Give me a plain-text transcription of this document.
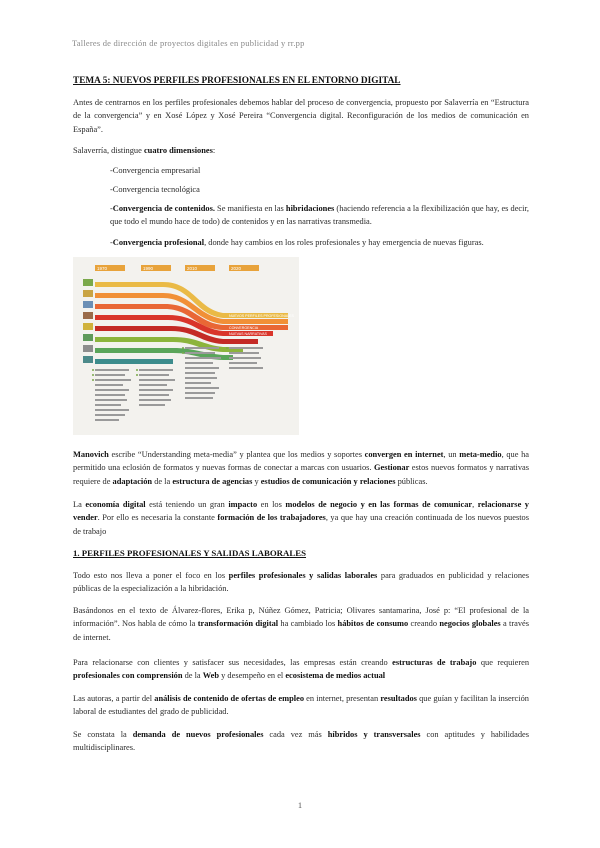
Talleres de dirección de proyectos digitales en publicidad y rr.pp
TEMA 5: NUEVOS PERFILES PROFESIONALES EN EL ENTORNO DIGITAL

Antes de centrarnos en los perfiles profesionales debemos hablar del proceso de convergencia, propuesto por Salaverría en “Estructura de la convergencia” y en Xosé López y Xosé Pereira “Convergencia digital. Reconfiguración de los medios de comunicación en España”.

Salaverría, distingue cuatro dimensiones:

-Convergencia empresarial

-Convergencia tecnológica

-Convergencia de contenidos. Se manifiesta en las hibridaciones (haciendo referencia a la flexibilización que hay, es decir, que todo el mundo hace de todo) de contenidos y en las narrativas transmedia.

-Convergencia profesional, donde hay cambios en los roles profesionales y hay emergencia de nuevas figuras.

1970	1990	2010	2020
NUEVOS PERFILES PROFESIONALES
CONVERGENCIA
NUEVAS NARRATIVAS

Manovich escribe “Understanding meta-media” y plantea que los medios y soportes convergen en internet, un meta-medio, que ha permitido una eclosión de formatos y nuevas formas de conectar a marcas con usuarios. Gestionar estos nuevos formatos y narrativas requiere de adaptación de la estructura de agencias y estudios de comunicación y relaciones públicas.

La economía digital está teniendo un gran impacto en los modelos de negocio y en las formas de comunicar, relacionarse y vender. Por ello es necesaria la constante formación de los trabajadores, ya que hay una creación continuada de los nuevos puestos de trabajo

1. PERFILES PROFESIONALES Y SALIDAS LABORALES

Todo esto nos lleva a poner el foco en los perfiles profesionales y salidas laborales para graduados en publicidad y relaciones públicas de la especialización a la hibridación.

Basándonos en el texto de Álvarez-flores, Erika p, Núñez Gómez, Patricia; Olivares santamarina, José p: “El profesional de la información”. Nos habla de cómo la transformación digital ha cambiado los hábitos de consumo creando negocios globales a través de internet.

Para relacionarse con clientes y satisfacer sus necesidades, las empresas están creando estructuras de trabajo que requieren profesionales con comprensión de la Web y desempeño en el ecosistema de medios actual

Las autoras, a partir del análisis de contenido de ofertas de empleo en internet, presentan resultados que guían y facilitan la inserción laboral de estudiantes del grado de publicidad.

Se constata la demanda de nuevos profesionales cada vez más híbridos y transversales con aptitudes y habilidades multidisciplinares.

1
